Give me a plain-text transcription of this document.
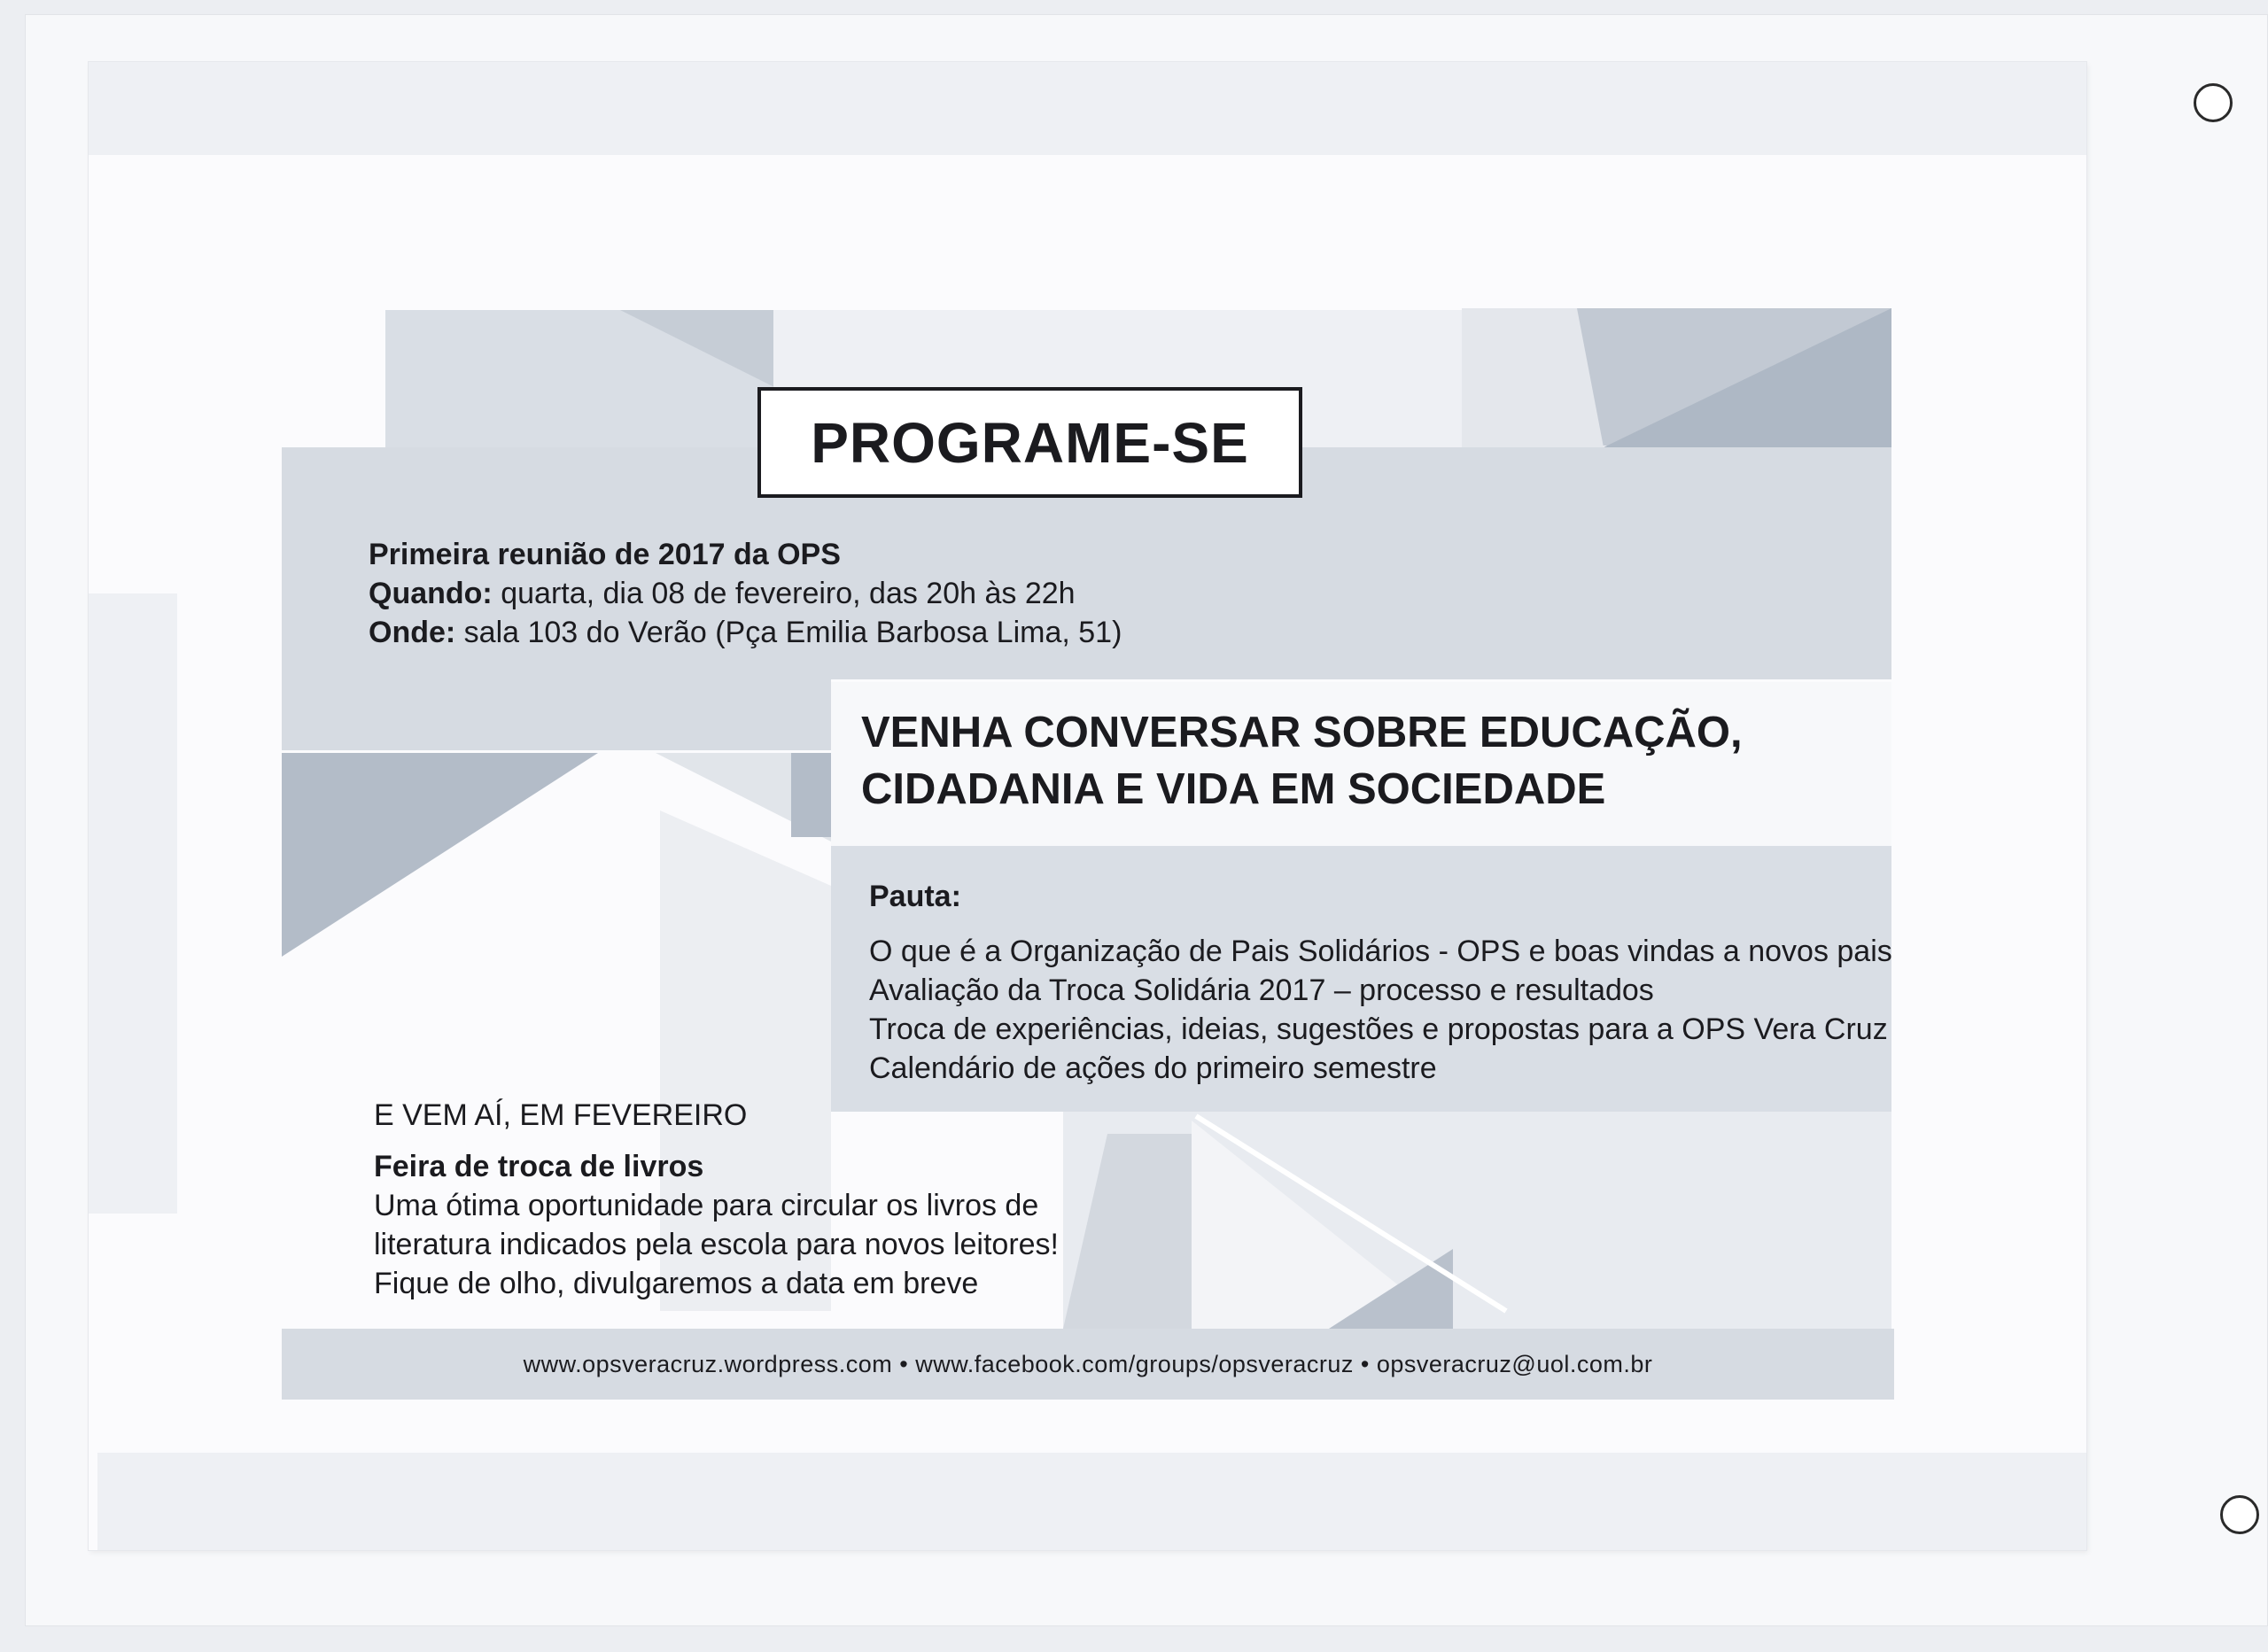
PROGRAME-SE
Primeira reunião de 2017 da OPS
Quando: quarta, dia 08 de fevereiro, das 20h às 22h
Onde: sala 103 do Verão (Pça Emilia Barbosa Lima, 51)
VENHA CONVERSAR SOBRE EDUCAÇÃO,
CIDADANIA E VIDA EM SOCIEDADE
Pauta:
O que é a Organização de Pais Solidários - OPS e boas vindas a novos pais
Avaliação da Troca Solidária 2017 – processo e resultados
Troca de experiências, ideias, sugestões e propostas para a OPS Vera Cruz
Calendário de ações do primeiro semestre
E VEM AÍ, EM FEVEREIRO
Feira de troca de livros
Uma ótima oportunidade para circular os livros de
literatura indicados pela escola para novos leitores!
Fique de olho, divulgaremos a data em breve
www.opsveracruz.wordpress.com • www.facebook.com/groups/opsveracruz • opsveracruz@uol.com.br
